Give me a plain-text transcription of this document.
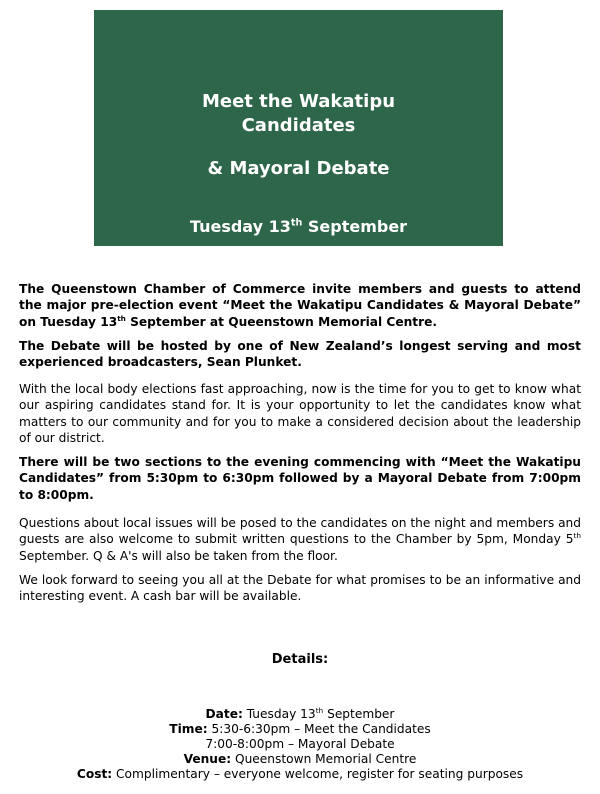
Meet the Wakatipu
Candidates
& Mayoral Debate
Tuesday 13th September
The Queenstown Chamber of Commerce invite members and guests to attend the major pre-election event “Meet the Wakatipu Candidates & Mayoral Debate” on Tuesday 13th September at Queenstown Memorial Centre.
The Debate will be hosted by one of New Zealand’s longest serving and most experienced broadcasters, Sean Plunket.
With the local body elections fast approaching, now is the time for you to get to know what our aspiring candidates stand for. It is your opportunity to let the candidates know what matters to our community and for you to make a considered decision about the leadership of our district.
There will be two sections to the evening commencing with “Meet the Wakatipu Candidates” from 5:30pm to 6:30pm followed by a Mayoral Debate from 7:00pm to 8:00pm.
Questions about local issues will be posed to the candidates on the night and members and guests are also welcome to submit written questions to the Chamber by 5pm, Monday 5th September. Q & A's will also be taken from the floor.
We look forward to seeing you all at the Debate for what promises to be an informative and interesting event. A cash bar will be available.
Details:
Date: Tuesday 13th September
Time: 5:30-6:30pm – Meet the Candidates
7:00-8:00pm – Mayoral Debate
Venue: Queenstown Memorial Centre
Cost: Complimentary – everyone welcome, register for seating purposes
